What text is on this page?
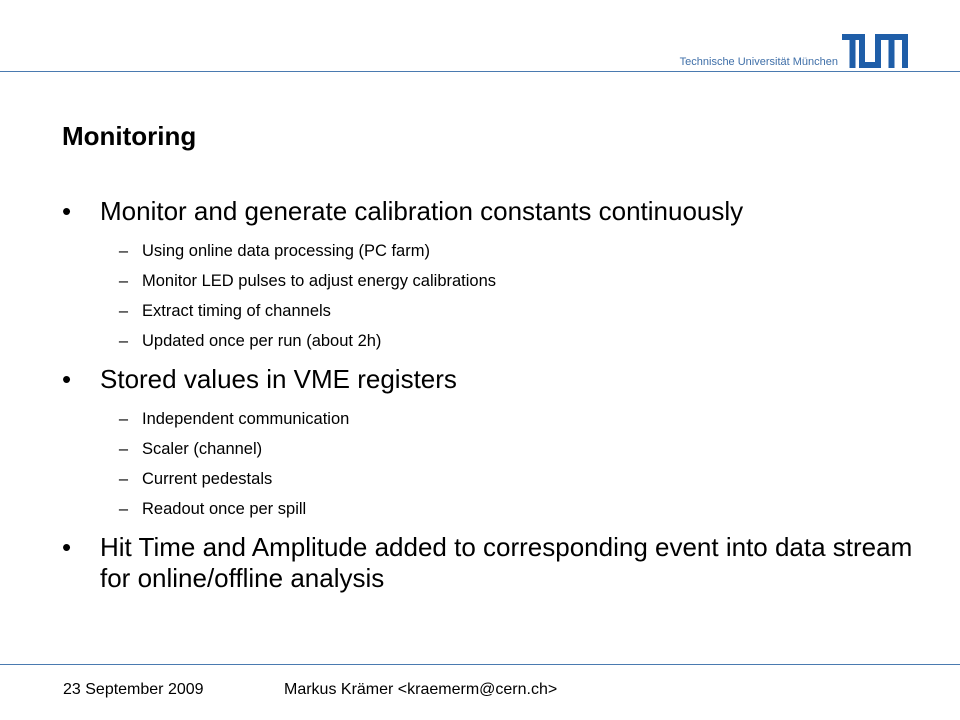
Technische Universität München
Monitoring
•	Monitor and generate calibration constants continuously
– Using online data processing (PC farm)
– Monitor LED pulses to adjust energy calibrations
– Extract timing of channels
– Updated once per run (about 2h)
•	Stored values in VME registers
– Independent communication
– Scaler (channel)
– Current pedestals
– Readout once per spill
•	Hit Time and Amplitude added to corresponding event into data stream for online/offline analysis
23 September 2009	Markus Krämer <kraemerm@cern.ch>
